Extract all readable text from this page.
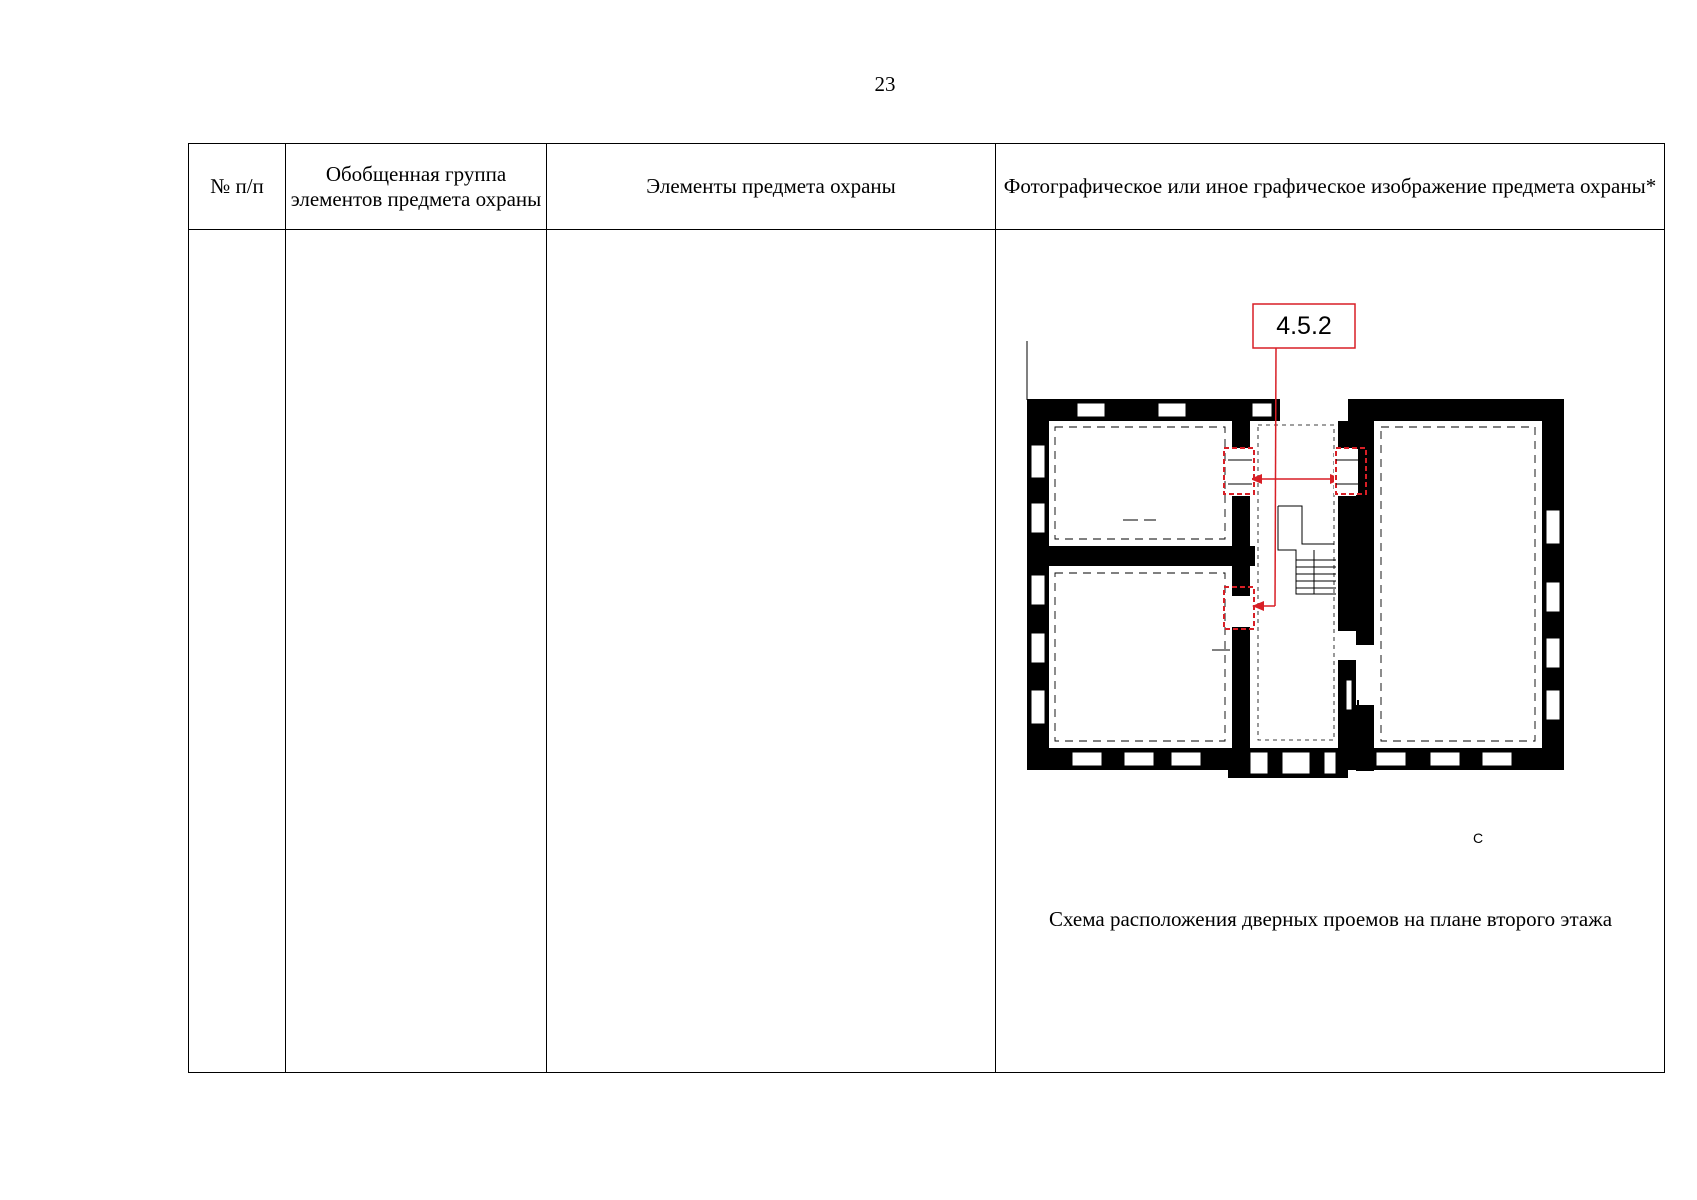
23
№ п/п	Обобщенная группа элементов предмета охраны	Элементы предмета охраны	Фотографическое или иное графическое изображение предмета охраны*

С
4.5.2
Схема расположения дверных проемов на плане второго этажа
